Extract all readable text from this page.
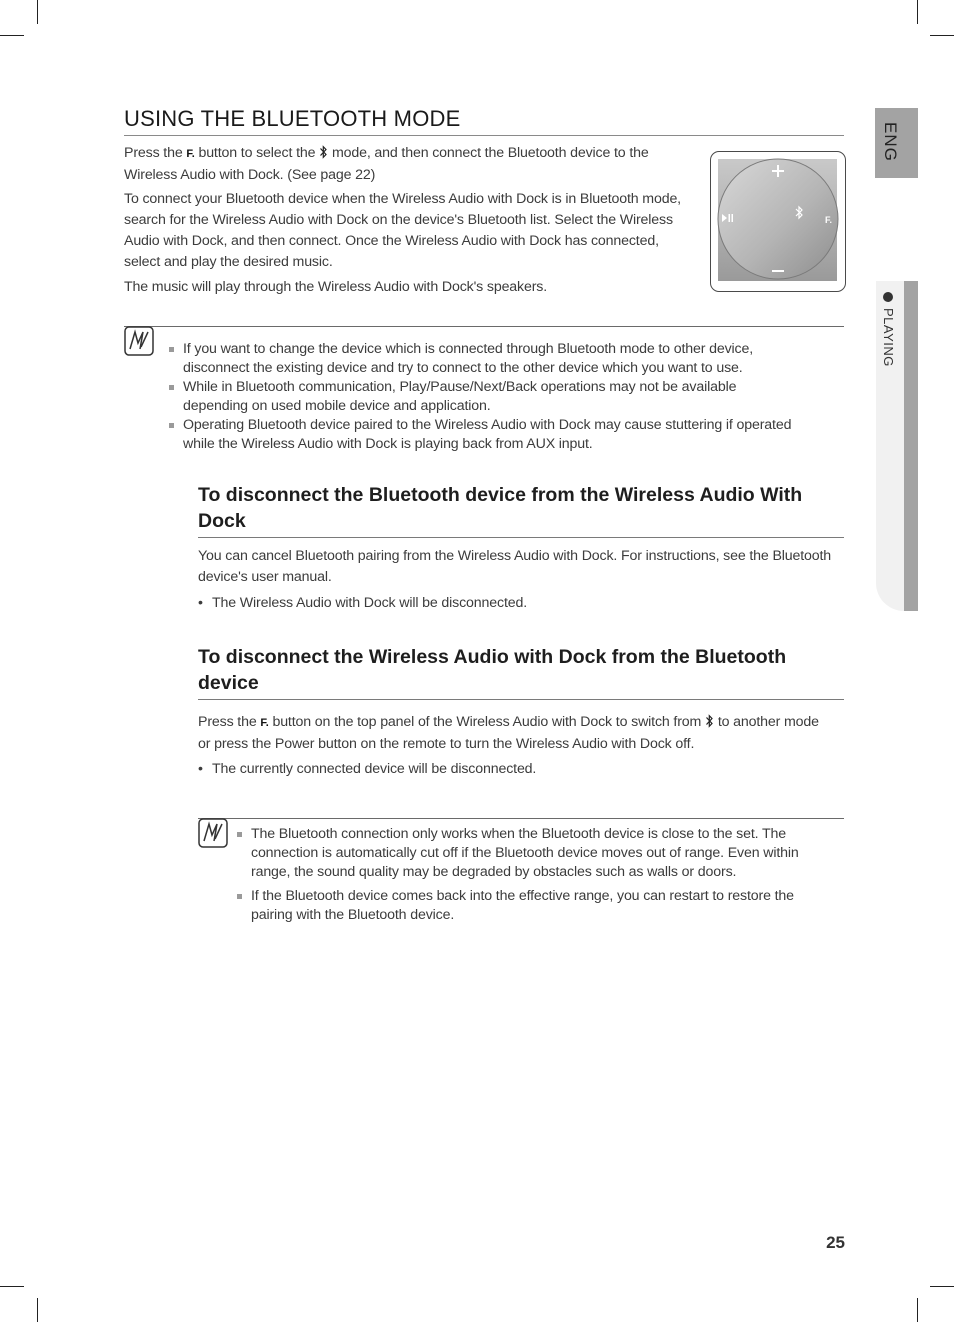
ENG
PLAYING
USING THE BLUETOOTH MODE
Press the F. button to select the mode, and then connect the Bluetooth device to the
Wireless Audio with Dock. (See page 22)
To connect your Bluetooth device when the Wireless Audio with Dock is in Bluetooth mode,
search for the Wireless Audio with Dock on the device's Bluetooth list. Select the Wireless
Audio with Dock, and then connect. Once the Wireless Audio with Dock has connected,
select and play the desired music.
The music will play through the Wireless Audio with Dock's speakers.
F.
If you want to change the device which is connected through Bluetooth mode to other device,
disconnect the existing device and try to connect to the other device which you want to use.
While in Bluetooth communication, Play/Pause/Next/Back operations may not be available
depending on used mobile device and application.
Operating Bluetooth device paired to the Wireless Audio with Dock may cause stuttering if operated
while the Wireless Audio with Dock is playing back from AUX input.
To disconnect the Bluetooth device from the Wireless Audio With
Dock
You can cancel Bluetooth pairing from the Wireless Audio with Dock. For instructions, see the Bluetooth
device's user manual.
• The Wireless Audio with Dock will be disconnected.
To disconnect the Wireless Audio with Dock from the Bluetooth
device
Press the F. button on the top panel of the Wireless Audio with Dock to switch from to another mode
or press the Power button on the remote to turn the Wireless Audio with Dock off.
• The currently connected device will be disconnected.
The Bluetooth connection only works when the Bluetooth device is close to the set. The
connection is automatically cut off if the Bluetooth device moves out of range. Even within
range, the sound quality may be degraded by obstacles such as walls or doors.
If the Bluetooth device comes back into the effective range, you can restart to restore the
pairing with the Bluetooth device.
25
